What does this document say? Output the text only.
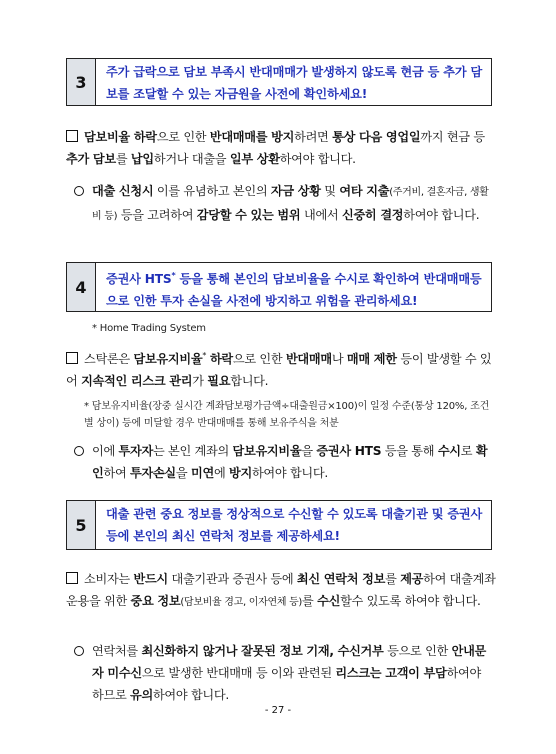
3
주가 급락으로 담보 부족시 반대매매가 발생하지 않도록 현금 등 추가 담보를 조달할 수 있는 자금원을 사전에 확인하세요!
담보비율 하락으로 인한 반대매매를 방지하려면 통상 다음 영업일까지 현금 등 추가 담보를 납입하거나 대출을 일부 상환하여야 합니다.
대출 신청시 이를 유념하고 본인의 자금 상황 및 여타 지출(주거비, 결혼자금, 생활비 등) 등을 고려하여 감당할 수 있는 범위 내에서 신중히 결정하여야 합니다.
4	증권사 HTS* 등을 통해 본인의 담보비율을 수시로 확인하여 반대매매등으로 인한 투자 손실을 사전에 방지하고 위험을 관리하세요!
* Home Trading System
스탁론은 담보유지비율* 하락으로 인한 반대매매나 매매 제한 등이 발생할 수 있어 지속적인 리스크 관리가 필요합니다.
* 담보유지비율(장중 실시간 계좌담보평가금액÷대출원금×100)이 일정 수준(통상 120%, 조건별 상이) 등에 미달할 경우 반대매매를 통해 보유주식을 처분
이에 투자자는 본인 계좌의 담보유지비율을 증권사 HTS 등을 통해 수시로 확인하여 투자손실을 미연에 방지하여야 합니다.
5
대출 관련 중요 정보를 정상적으로 수신할 수 있도록 대출기관 및 증권사 등에 본인의 최신 연락처 정보를 제공하세요!
소비자는 반드시 대출기관과 증권사 등에 최신 연락처 정보를 제공하여 대출계좌 운용을 위한 중요 정보(담보비율 경고, 이자연체 등)를 수신할수 있도록 하여야 합니다.
연락처를 최신화하지 않거나 잘못된 정보 기재, 수신거부 등으로 인한 안내문자 미수신으로 발생한 반대매매 등 이와 관련된 리스크는 고객이 부담하여야 하므로 유의하여야 합니다.
- 27 -
